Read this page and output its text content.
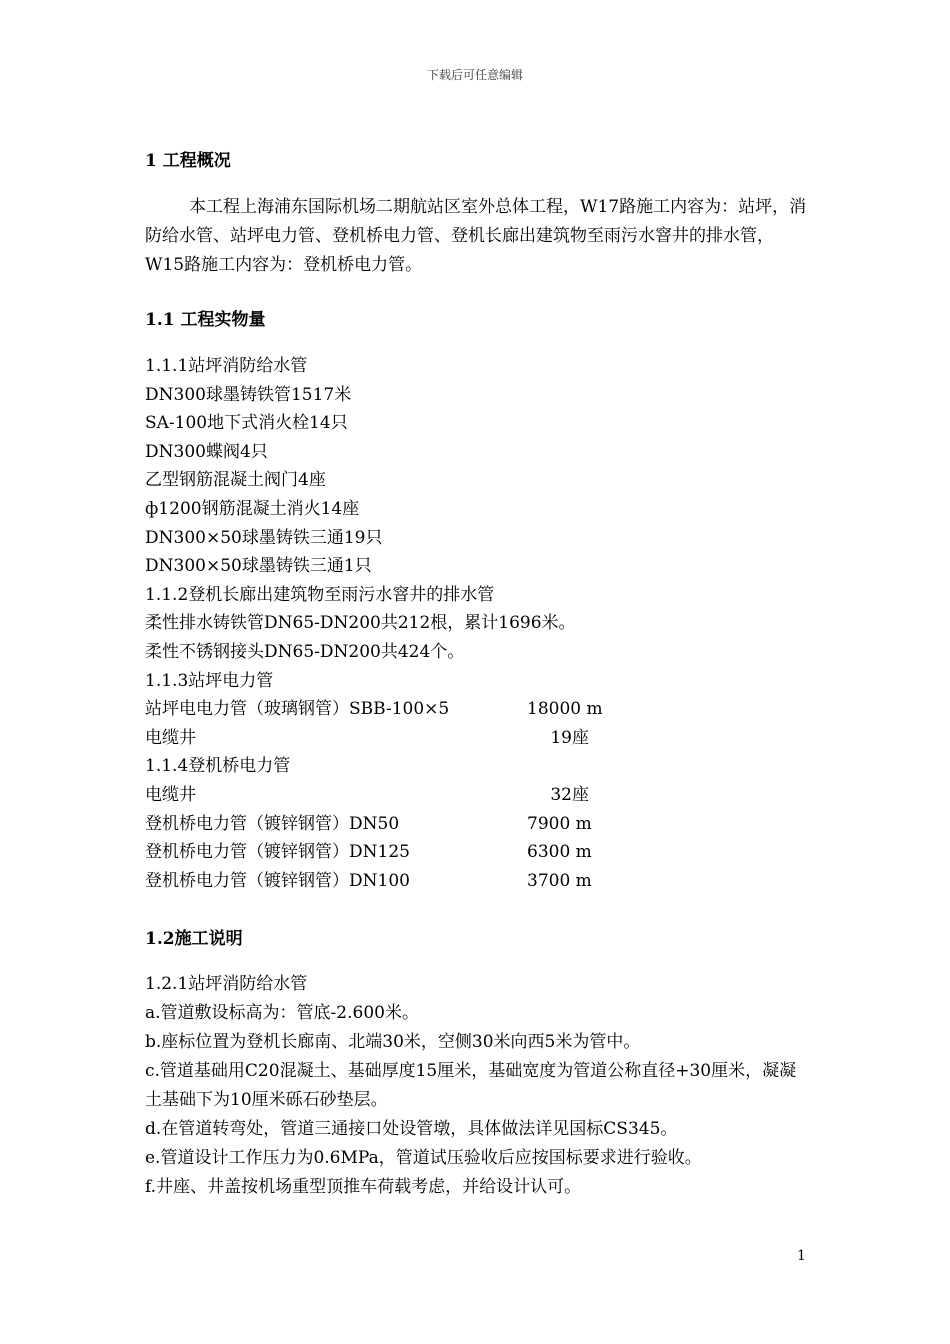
下载后可任意编辑
1 工程概况
本工程上海浦东国际机场二期航站区室外总体工程，W17路施工内容为：站坪，消防给水管、站坪电力管、登机桥电力管、登机长廊出建筑物至雨污水窨井的排水管，W15路施工内容为：登机桥电力管。
1.1 工程实物量
1.1.1站坪消防给水管
DN300球墨铸铁管1517米
SA-100地下式消火栓14只
DN300蝶阀4只
乙型钢筋混凝土阀门4座
ф1200钢筋混凝土消火14座
DN300×50球墨铸铁三通19只
DN300×50球墨铸铁三通1只
1.1.2登机长廊出建筑物至雨污水窨井的排水管
柔性排水铸铁管DN65-DN200共212根，累计1696米。
柔性不锈钢接头DN65-DN200共424个。
1.1.3站坪电力管
站坪电电力管（玻璃钢管）SBB-100×5	18000 m
电缆井	19座
1.1.4登机桥电力管
电缆井	32座
登机桥电力管（镀锌钢管）DN50	7900 m
登机桥电力管（镀锌钢管）DN125	6300 m
登机桥电力管（镀锌钢管）DN100	3700 m
1.2施工说明
1.2.1站坪消防给水管
a.管道敷设标高为：管底-2.600米。
b.座标位置为登机长廊南、北端30米，空侧30米向西5米为管中。
c.管道基础用C20混凝土、基础厚度15厘米，基础宽度为管道公称直径+30厘米，凝凝土基础下为10厘米砾石砂垫层。
d.在管道转弯处，管道三通接口处设管墩，具体做法详见国标CS345。
e.管道设计工作压力为0.6MPa，管道试压验收后应按国标要求进行验收。
f.井座、井盖按机场重型顶推车荷载考虑，并给设计认可。
1
